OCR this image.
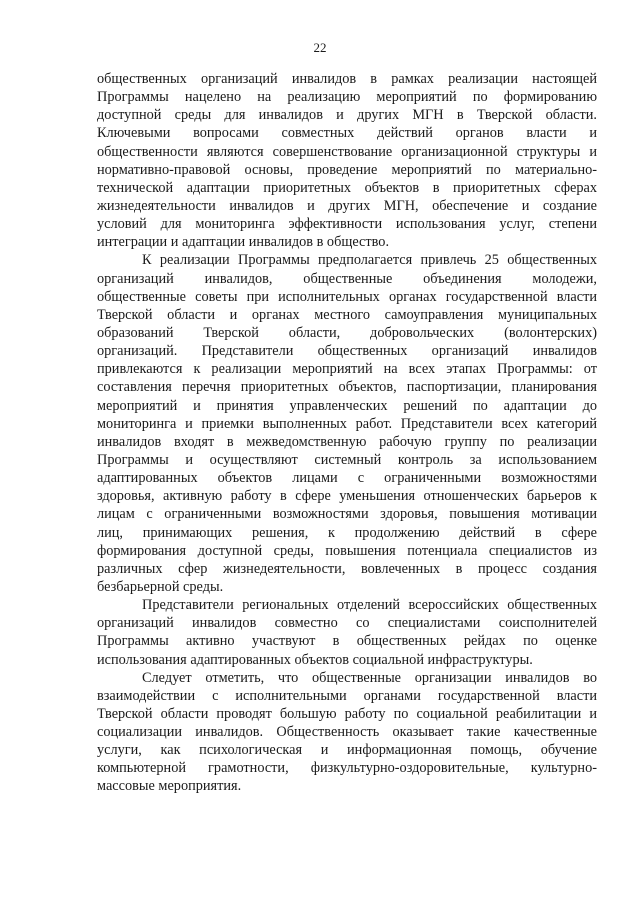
22
общественных организаций инвалидов в рамках реализации настоящей
Программы нацелено на реализацию мероприятий по формированию
доступной среды для инвалидов и других МГН в Тверской области.
Ключевыми вопросами совместных действий органов власти и
общественности являются совершенствование организационной структуры и
нормативно-правовой основы, проведение мероприятий по материально-
технической адаптации приоритетных объектов в приоритетных сферах
жизнедеятельности инвалидов и других МГН, обеспечение и создание
условий для мониторинга эффективности использования услуг, степени
интеграции и адаптации инвалидов в общество.
К реализации Программы предполагается привлечь 25 общественных
организаций инвалидов, общественные объединения молодежи,
общественные советы при исполнительных органах государственной власти
Тверской области и органах местного самоуправления муниципальных
образований Тверской области, добровольческих (волонтерских)
организаций. Представители общественных организаций инвалидов
привлекаются к реализации мероприятий на всех этапах Программы: от
составления перечня приоритетных объектов, паспортизации, планирования
мероприятий и принятия управленческих решений по адаптации до
мониторинга и приемки выполненных работ. Представители всех категорий
инвалидов входят в межведомственную рабочую группу по реализации
Программы и осуществляют системный контроль за использованием
адаптированных объектов лицами с ограниченными возможностями
здоровья, активную работу в сфере уменьшения отношенческих барьеров к
лицам с ограниченными возможностями здоровья, повышения мотивации
лиц, принимающих решения, к продолжению действий в сфере
формирования доступной среды, повышения потенциала специалистов из
различных сфер жизнедеятельности, вовлеченных в процесс создания
безбарьерной среды.
Представители региональных отделений всероссийских общественных
организаций инвалидов совместно со специалистами соисполнителей
Программы активно участвуют в общественных рейдах по оценке
использования адаптированных объектов социальной инфраструктуры.
Следует отметить, что общественные организации инвалидов во
взаимодействии с исполнительными органами государственной власти
Тверской области проводят большую работу по социальной реабилитации и
социализации инвалидов. Общественность оказывает такие качественные
услуги, как психологическая и информационная помощь, обучение
компьютерной грамотности, физкультурно-оздоровительные, культурно-
массовые мероприятия.
